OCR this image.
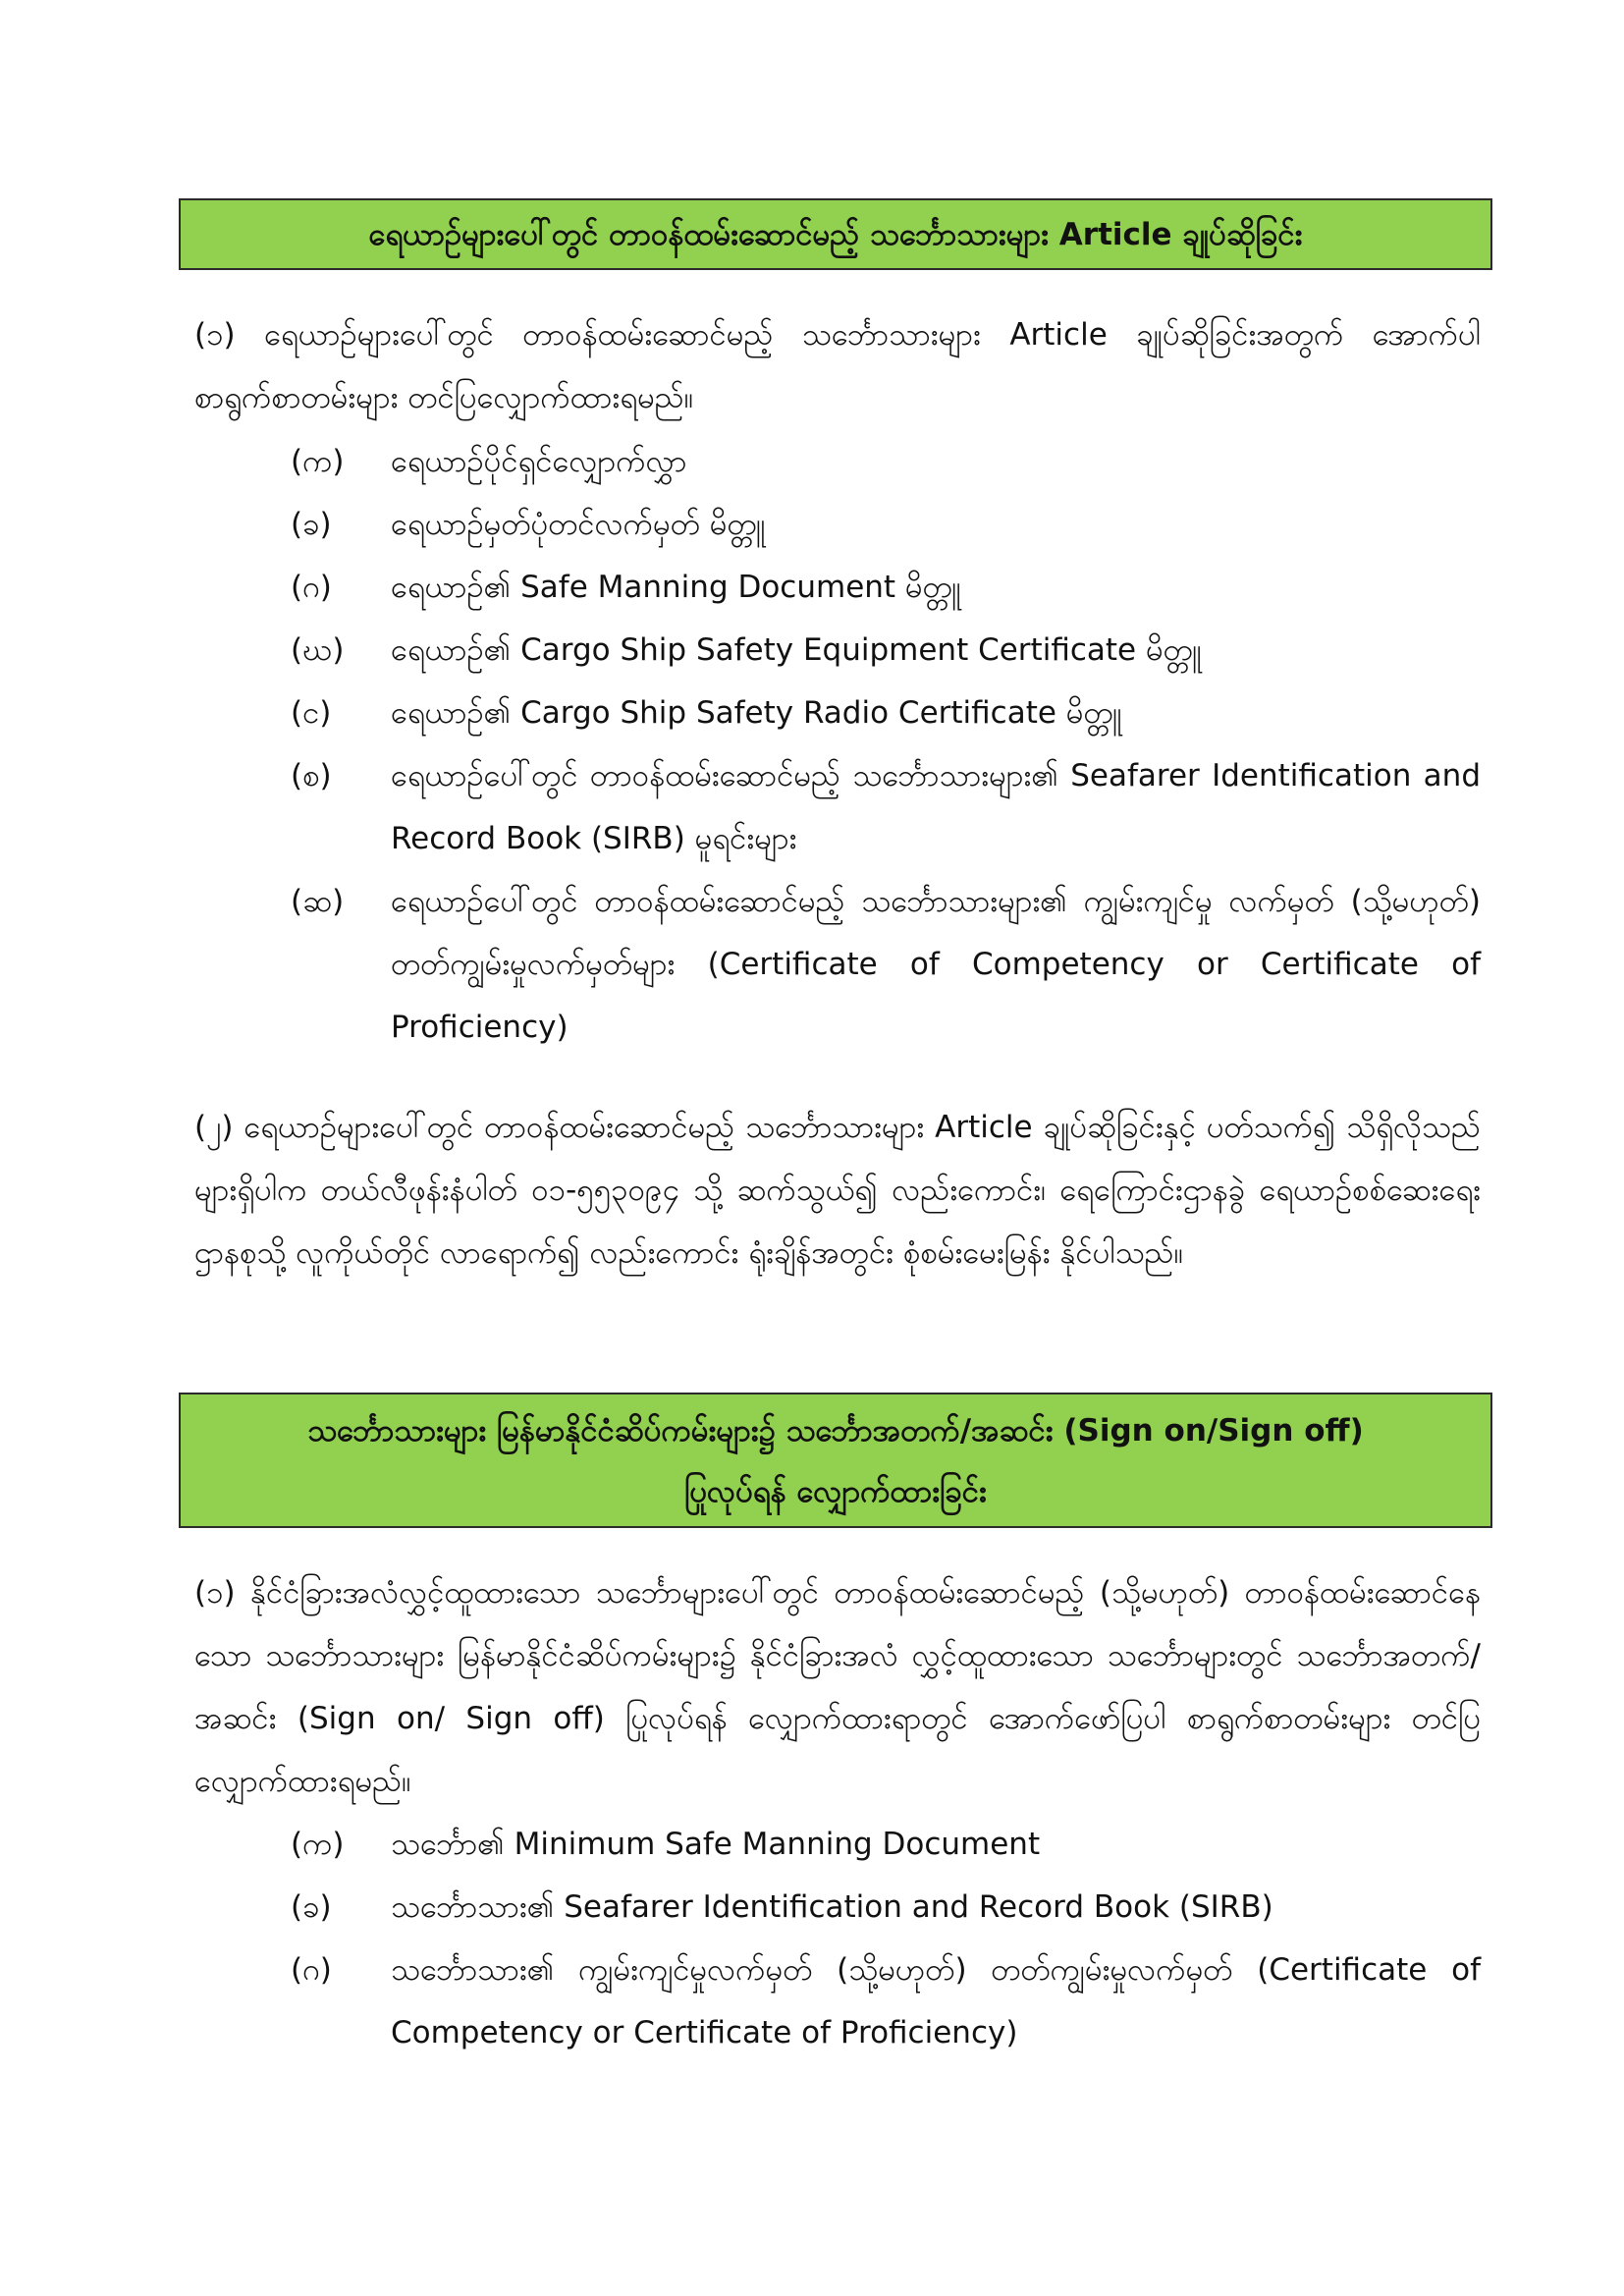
ရေယာဉ်များပေါ်တွင် တာဝန်ထမ်းဆောင်မည့် သင်္ဘောသားများ Article ချုပ်ဆိုခြင်း
(၁) ရေယာဉ်များပေါ်တွင် တာဝန်ထမ်းဆောင်မည့် သင်္ဘောသားများ Article ချုပ်ဆိုခြင်းအတွက် အောက်ပါစာရွက်စာတမ်းများ တင်ပြလျှောက်ထားရမည်။
(က) ရေယာဉ်ပိုင်ရှင်လျှောက်လွှာ
(ခ) ရေယာဉ်မှတ်ပုံတင်လက်မှတ် မိတ္တူ
(ဂ) ရေယာဉ်၏ Safe Manning Document မိတ္တူ
(ဃ) ရေယာဉ်၏ Cargo Ship Safety Equipment Certificate မိတ္တူ
(င) ရေယာဉ်၏ Cargo Ship Safety Radio Certificate မိတ္တူ
(စ) ရေယာဉ်ပေါ်တွင် တာဝန်ထမ်းဆောင်မည့် သင်္ဘောသားများ၏ Seafarer Identification and Record Book (SIRB) မူရင်းများ
(ဆ) ရေယာဉ်ပေါ်တွင် တာဝန်ထမ်းဆောင်မည့် သင်္ဘောသားများ၏ ကျွမ်းကျင်မှု လက်မှတ် (သို့မဟုတ်) တတ်ကျွမ်းမှုလက်မှတ်များ (Certificate of Competency or Certificate of Proficiency)
(၂) ရေယာဉ်များပေါ်တွင် တာဝန်ထမ်းဆောင်မည့် သင်္ဘောသားများ Article ချုပ်ဆိုခြင်းနှင့် ပတ်သက်၍ သိရှိလိုသည်များရှိပါက တယ်လီဖုန်းနံပါတ် ၀၁-၅၅၃၀၉၄ သို့ ဆက်သွယ်၍ လည်းကောင်း၊ ရေကြောင်းဌာနခွဲ ရေယာဉ်စစ်ဆေးရေးဌာနစုသို့ လူကိုယ်တိုင် လာရောက်၍ လည်းကောင်း ရုံးချိန်အတွင်း စုံစမ်းမေးမြန်း နိုင်ပါသည်။
သင်္ဘောသားများ မြန်မာနိုင်ငံဆိပ်ကမ်းများ၌ သင်္ဘောအတက်/အဆင်း (Sign on/Sign off)
ပြုလုပ်ရန် လျှောက်ထားခြင်း
(၁) နိုင်ငံခြားအလံလွှင့်ထူထားသော သင်္ဘောများပေါ်တွင် တာဝန်ထမ်းဆောင်မည့် (သို့မဟုတ်) တာဝန်ထမ်းဆောင်နေသော သင်္ဘောသားများ မြန်မာနိုင်ငံဆိပ်ကမ်းများ၌ နိုင်ငံခြားအလံ လွှင့်ထူထားသော သင်္ဘောများတွင် သင်္ဘောအတက်/အဆင်း (Sign on/ Sign off) ပြုလုပ်ရန် လျှောက်ထားရာတွင် အောက်ဖော်ပြပါ စာရွက်စာတမ်းများ တင်ပြလျှောက်ထားရမည်။
(က) သင်္ဘော၏ Minimum Safe Manning Document
(ခ) သင်္ဘောသား၏ Seafarer Identification and Record Book (SIRB)
(ဂ) သင်္ဘောသား၏ ကျွမ်းကျင်မှုလက်မှတ် (သို့မဟုတ်) တတ်ကျွမ်းမှုလက်မှတ် (Certificate of Competency or Certificate of Proficiency)
